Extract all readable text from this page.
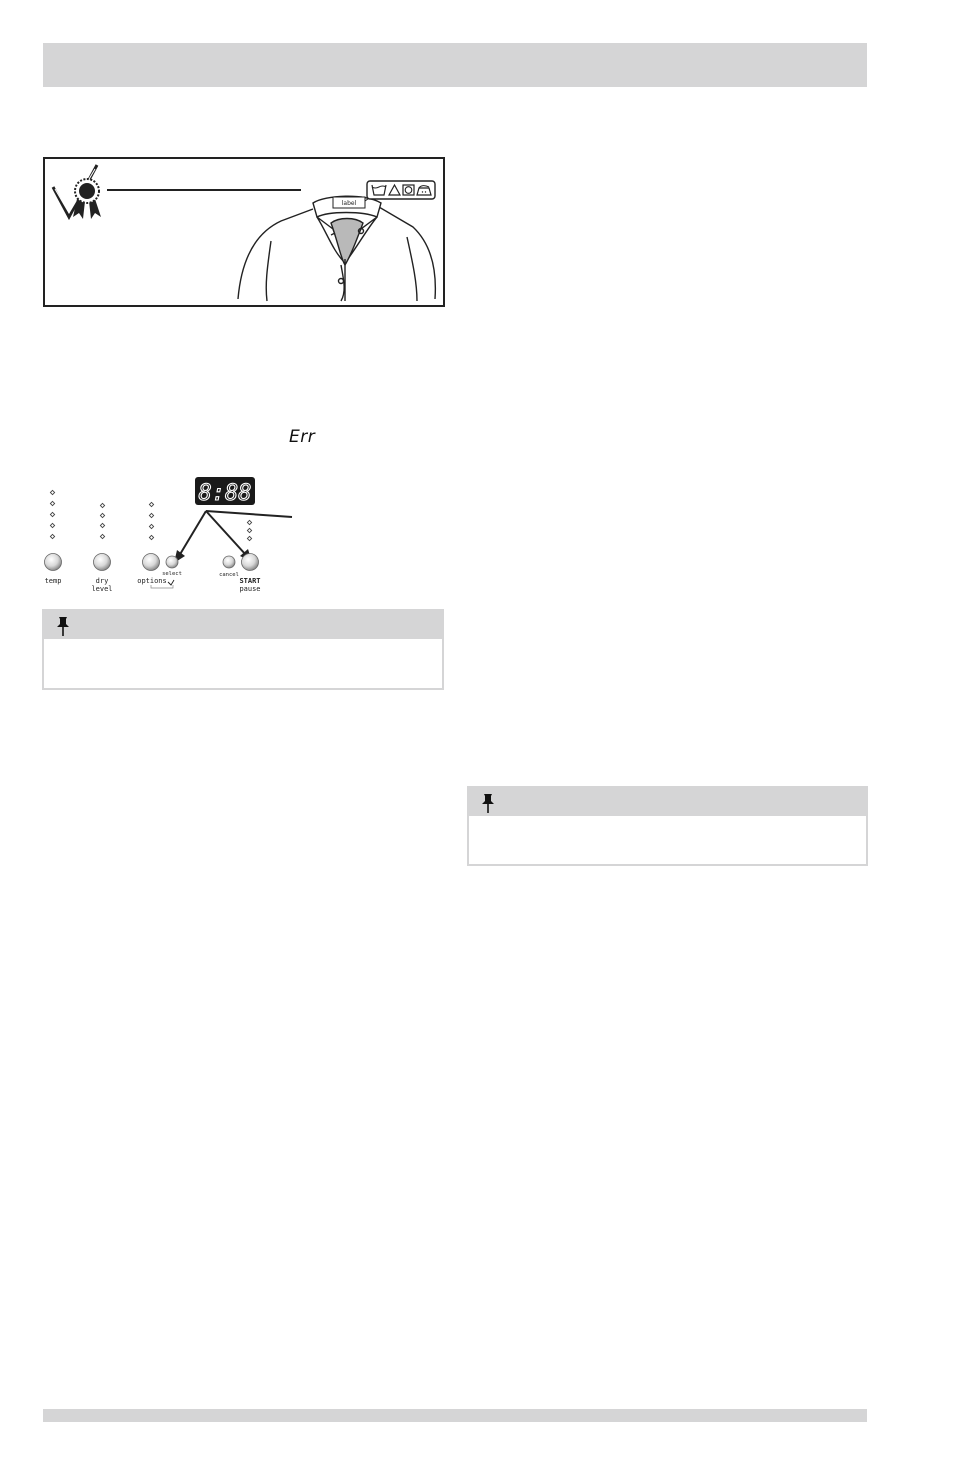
label
Err
8:88
temp	dry
level
options
select	cancel
START
pause
